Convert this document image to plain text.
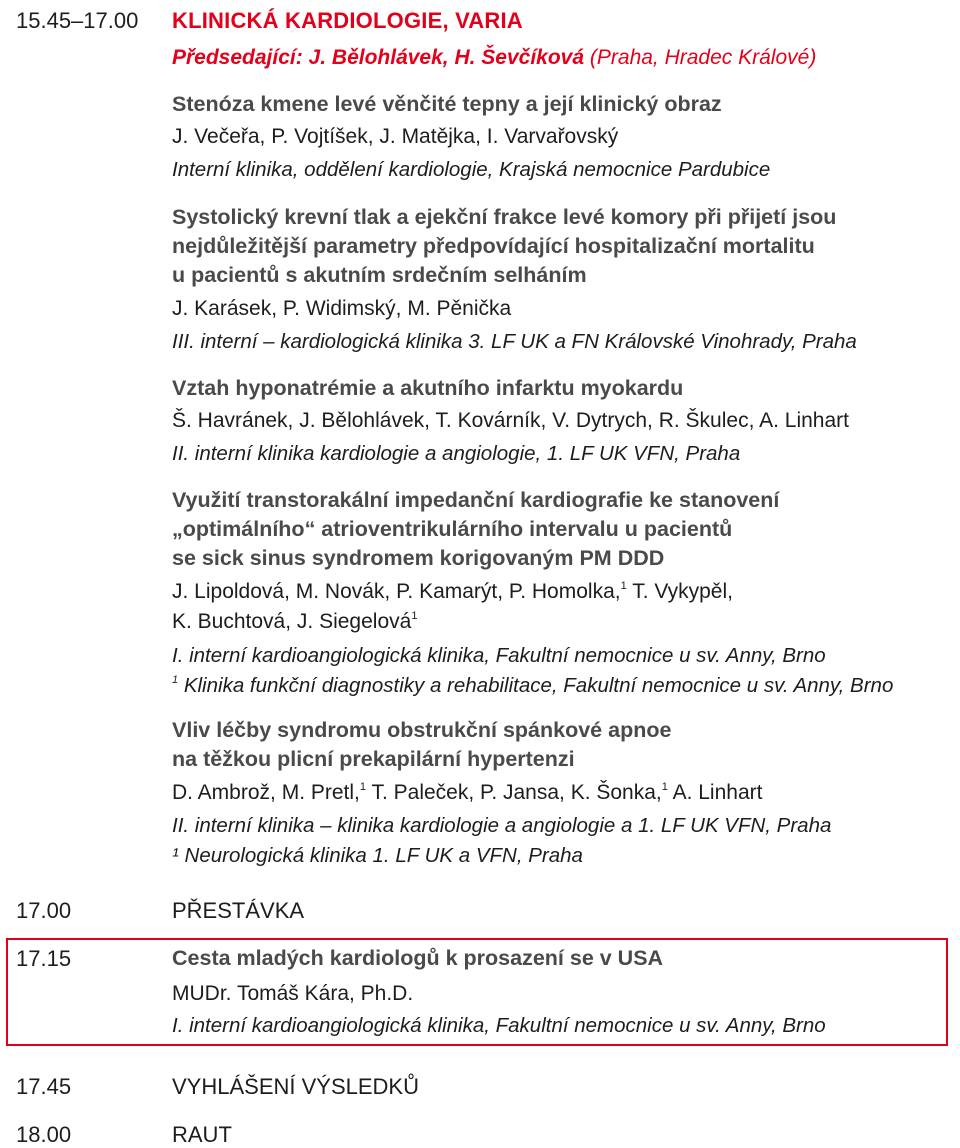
15.45–17.00 KLINICKÁ KARDIOLOGIE, VARIA
Předsedající: J. Bělohlávek, H. Ševčíková (Praha, Hradec Králové)
Stenóza kmene levé věnčité tepny a její klinický obraz
J. Večeřa, P. Vojtíšek, J. Matějka, I. Varvařovský
Interní klinika, oddělení kardiologie, Krajská nemocnice Pardubice
Systolický krevní tlak a ejekční frakce levé komory při přijetí jsou
nejdůležitější parametry předpovídající hospitalizační mortalitu
u pacientů s akutním srdečním selháním
J. Karásek, P. Widimský, M. Pěnička
III. interní – kardiologická klinika 3. LF UK a FN Královské Vinohrady, Praha
Vztah hyponatrémie a akutního infarktu myokardu
Š. Havránek, J. Bělohlávek, T. Kovárník, V. Dytrych, R. Škulec, A. Linhart
II. interní klinika kardiologie a angiologie, 1. LF UK VFN, Praha
Využití transtorakální impedanční kardiografie ke stanovení
„optimálního“ atrioventrikulárního intervalu u pacientů
se sick sinus syndromem korigovaným PM DDD
J. Lipoldová, M. Novák, P. Kamarýt, P. Homolka,$^1$ T. Vykypěl,
K. Buchtová, J. Siegelová$^1$
I. interní kardioangiologická klinika, Fakultní nemocnice u sv. Anny, Brno
$^1$ Klinika funkční diagnostiky a rehabilitace, Fakultní nemocnice u sv. Anny, Brno
Vliv léčby syndromu obstrukční spánkové apnoe
na těžkou plicní prekapilární hypertenzi
D. Ambrož, M. Pretl,$^1$ T. Paleček, P. Jansa, K. Šonka,$^1$ A. Linhart
II. interní klinika – klinika kardiologie a angiologie a 1. LF UK VFN, Praha
¹ Neurologická klinika 1. LF UK a VFN, Praha
17.00	PŘESTÁVKA
17.15	Cesta mladých kardiologů k prosazení se v USA
MUDr. Tomáš Kára, Ph.D.
I. interní kardioangiologická klinika, Fakultní nemocnice u sv. Anny, Brno
17.45	VYHLÁŠENÍ VÝSLEDKŮ
18.00	RAUT
